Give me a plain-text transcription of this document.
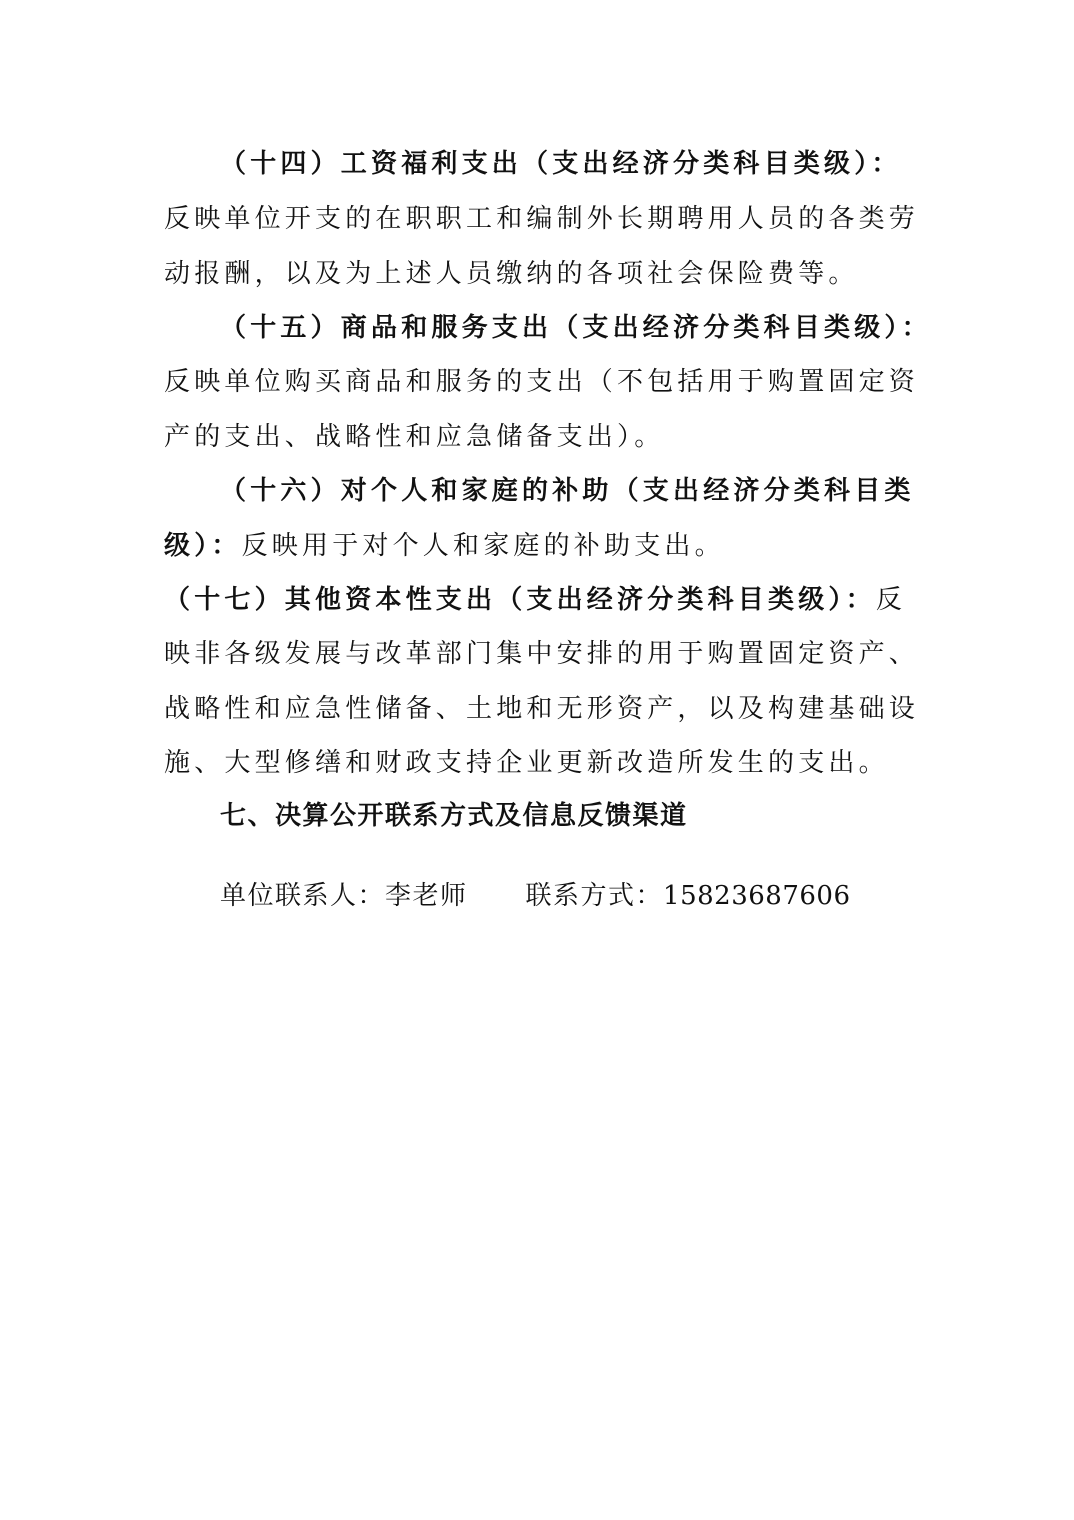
（十四）工资福利支出（支出经济分类科目类级）：
反映单位开支的在职职工和编制外长期聘用人员的各类劳
动报酬，以及为上述人员缴纳的各项社会保险费等。
（十五）商品和服务支出（支出经济分类科目类级）：
反映单位购买商品和服务的支出（不包括用于购置固定资
产的支出、战略性和应急储备支出）。
（十六）对个人和家庭的补助（支出经济分类科目类
级）：反映用于对个人和家庭的补助支出。
（十七）其他资本性支出（支出经济分类科目类级）：反
映非各级发展与改革部门集中安排的用于购置固定资产、
战略性和应急性储备、土地和无形资产，以及构建基础设
施、大型修缮和财政支持企业更新改造所发生的支出。
七、决算公开联系方式及信息反馈渠道
单位联系人：李老师 联系方式：15823687606
